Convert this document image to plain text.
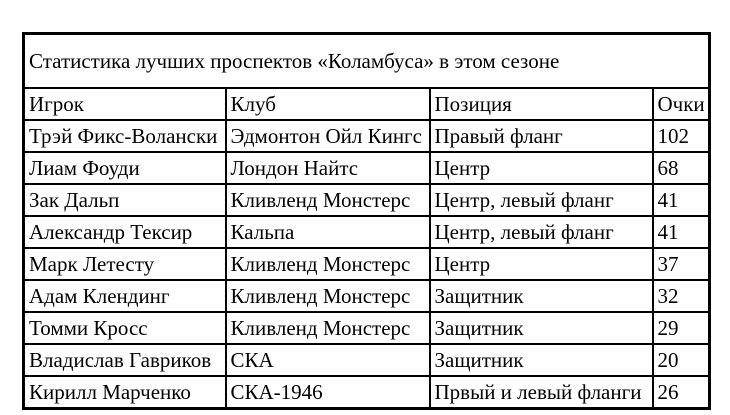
Статистика лучших проспектов «Коламбуса» в этом сезоне			
Игрок	Клуб	Позиция	Очки
Трэй Фикс-Волански	Эдмонтон Ойл Кингс	Правый фланг	102
Лиам Фоуди	Лондон Найтс	Центр	68
Зак Дальп	Кливленд Монстерс	Центр, левый фланг	41
Александр Тексир	Кальпа	Центр, левый фланг	41
Марк Летесту	Кливленд Монстерс	Центр	37
Адам Клендинг	Кливленд Монстерс	Защитник	32
Томми Кросс	Кливленд Монстерс	Защитник	29
Владислав Гавриков	СКА	Защитник	20
Кирилл Марченко	СКА-1946	Првый и левый фланги	26
